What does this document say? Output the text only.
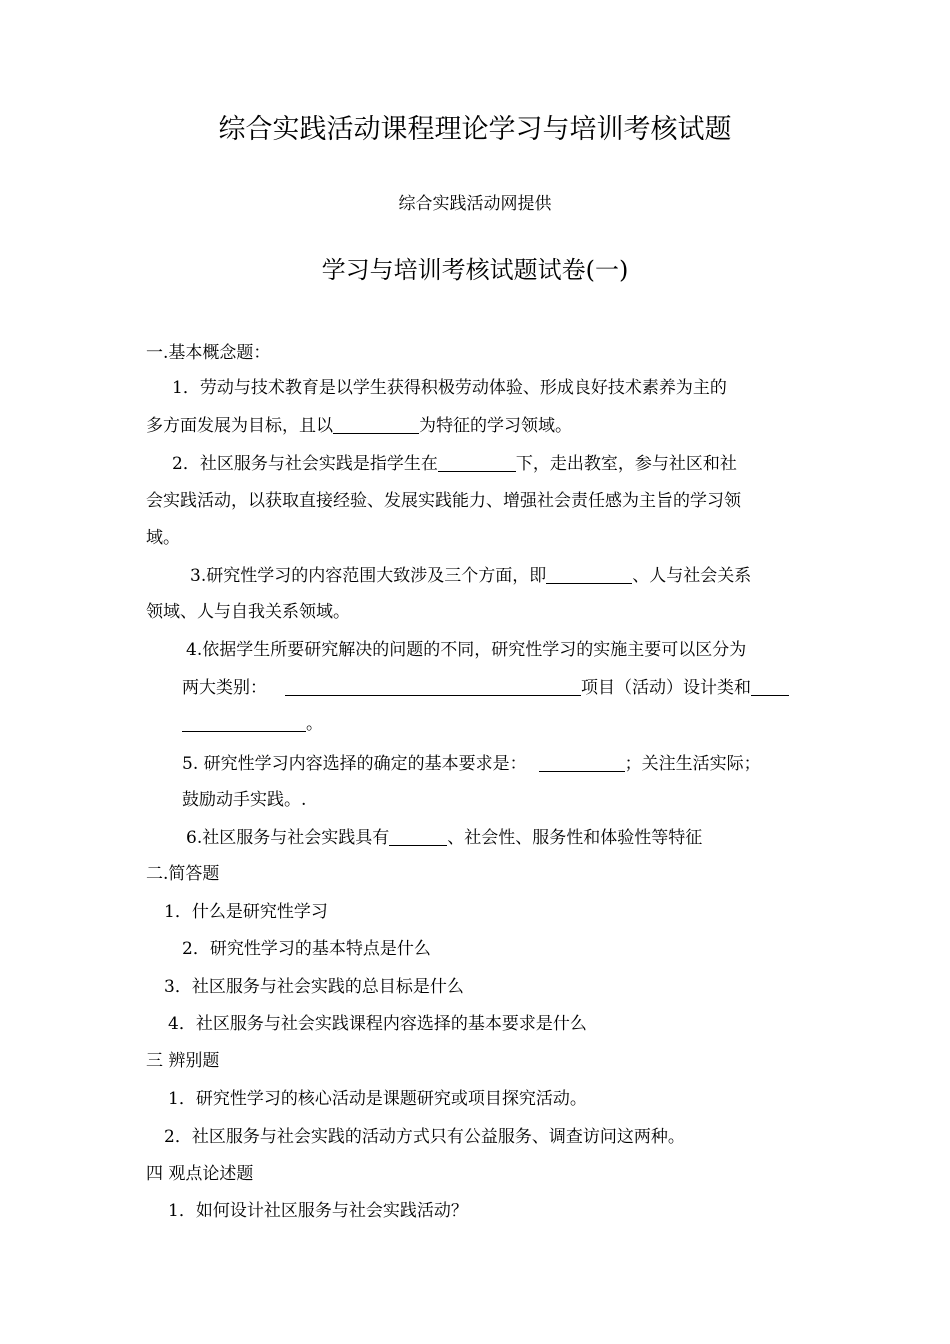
综合实践活动课程理论学习与培训考核试题
综合实践活动网提供
学习与培训考核试题试卷(一)
一.基本概念题：
1．劳动与技术教育是以学生获得积极劳动体验、形成良好技术素养为主的
多方面发展为目标，且以	为特征的学习领域。
2．社区服务与社会实践是指学生在	下，走出教室，参与社区和社
会实践活动，以获取直接经验、发展实践能力、增强社会责任感为主旨的学习领
域。
3.研究性学习的内容范围大致涉及三个方面，即	、人与社会关系
领域、人与自我关系领域。
4.依据学生所要研究解决的问题的不同，研究性学习的实施主要可以区分为
两大类别：	项目（活动）设计类和
。
5. 研究性学习内容选择的确定的基本要求是：	；关注生活实际；
鼓励动手实践。.
6.社区服务与社会实践具有	、社会性、服务性和体验性等特征
二.简答题
1．什么是研究性学习
2．研究性学习的基本特点是什么
3．社区服务与社会实践的总目标是什么
4．社区服务与社会实践课程内容选择的基本要求是什么
三 辨别题
1．研究性学习的核心活动是课题研究或项目探究活动。
2．社区服务与社会实践的活动方式只有公益服务、调查访问这两种。
四 观点论述题
1．如何设计社区服务与社会实践活动？
